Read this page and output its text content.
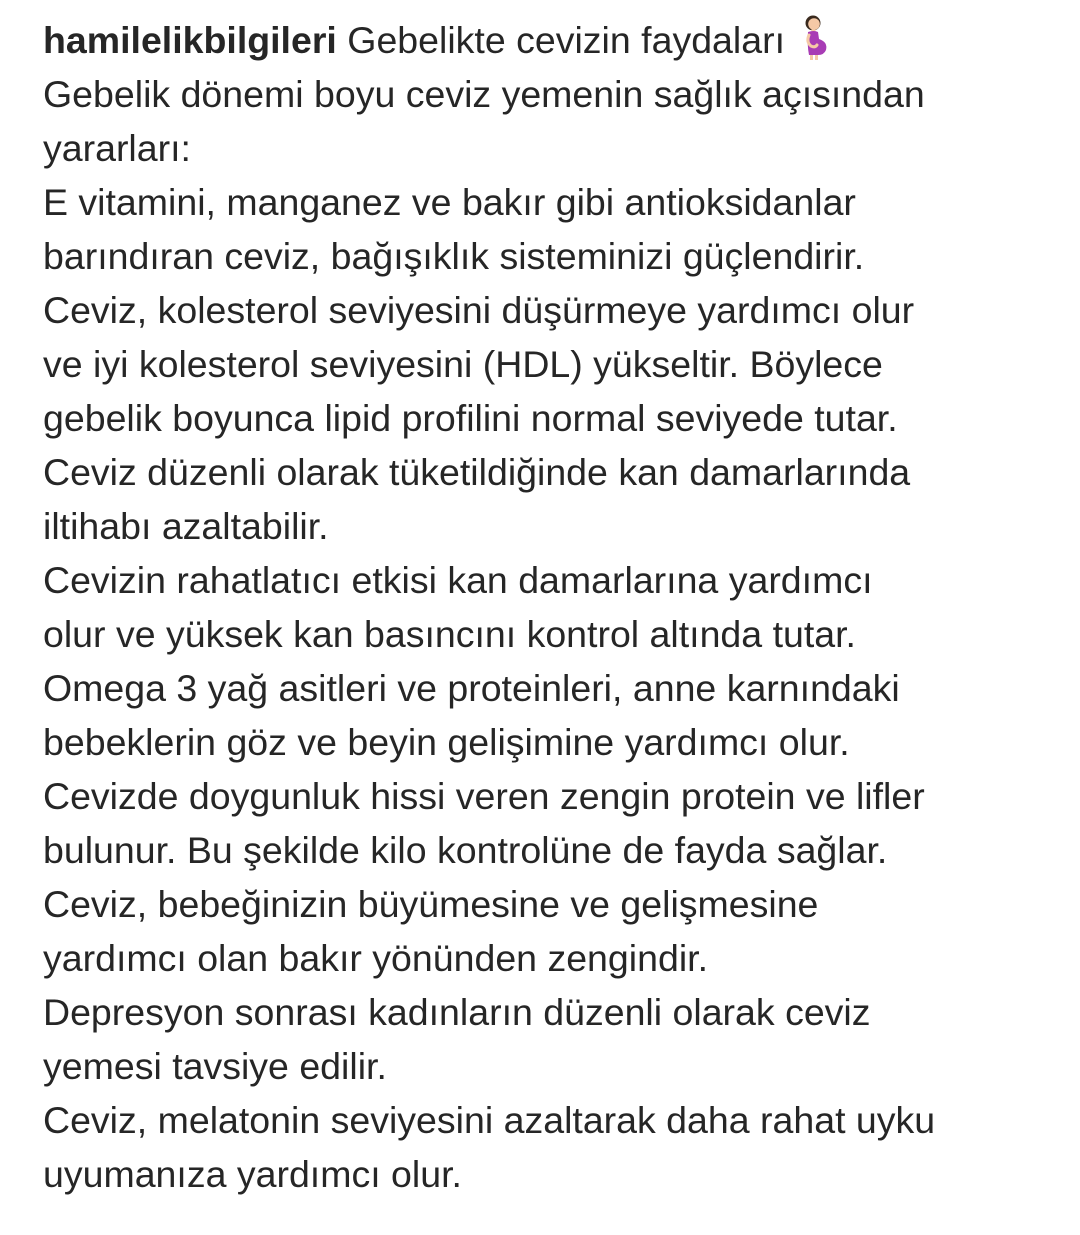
hamilelikbilgileri Gebelikte cevizin faydaları
Gebelik dönemi boyu ceviz yemenin sağlık açısından
yararları:
E vitamini, manganez ve bakır gibi antioksidanlar
barındıran ceviz, bağışıklık sisteminizi güçlendirir.
Ceviz, kolesterol seviyesini düşürmeye yardımcı olur
ve iyi kolesterol seviyesini (HDL) yükseltir. Böylece
gebelik boyunca lipid profilini normal seviyede tutar.
Ceviz düzenli olarak tüketildiğinde kan damarlarında
iltihabı azaltabilir.
Cevizin rahatlatıcı etkisi kan damarlarına yardımcı
olur ve yüksek kan basıncını kontrol altında tutar.
Omega 3 yağ asitleri ve proteinleri, anne karnındaki
bebeklerin göz ve beyin gelişimine yardımcı olur.
Cevizde doygunluk hissi veren zengin protein ve lifler
bulunur. Bu şekilde kilo kontrolüne de fayda sağlar.
Ceviz, bebeğinizin büyümesine ve gelişmesine
yardımcı olan bakır yönünden zengindir.
Depresyon sonrası kadınların düzenli olarak ceviz
yemesi tavsiye edilir.
Ceviz, melatonin seviyesini azaltarak daha rahat uyku
uyumanıza yardımcı olur.
